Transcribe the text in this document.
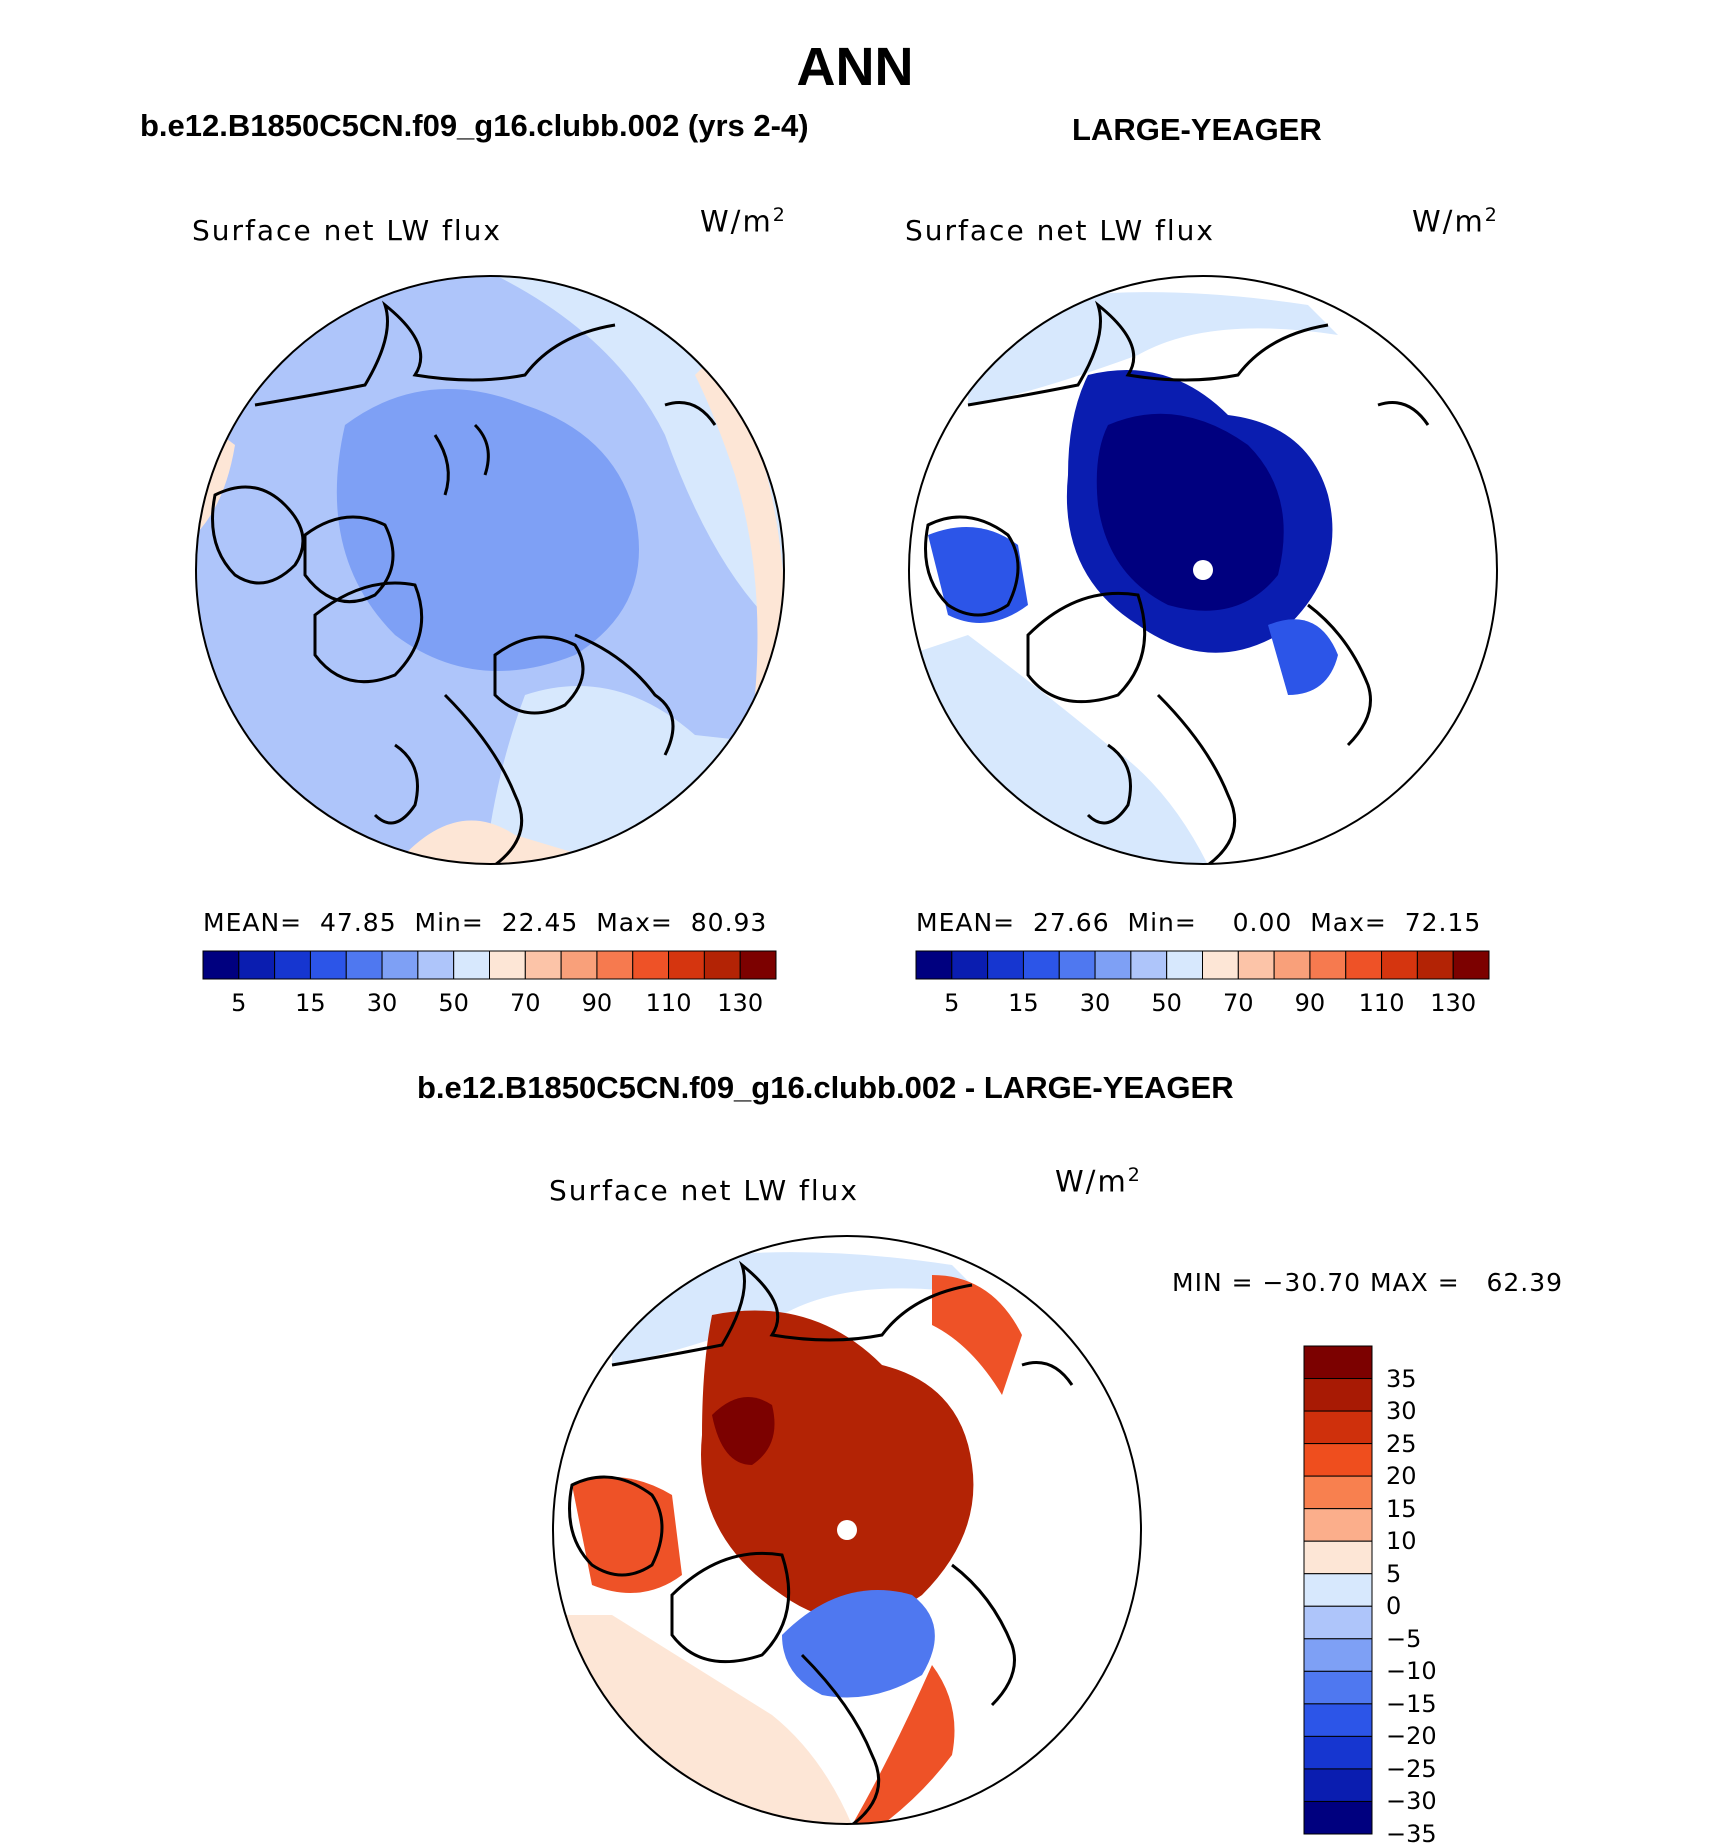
ANN
b.e12.B1850C5CN.f09_g16.clubb.002 (yrs 2-4)
Surface net LW flux	$W/m^2$
MEAN= 47.85 Min= 22.45 Max= 80.93
5 15 30 50 70 90 110 130
LARGE-YEAGER
Surface net LW flux	$W/m^2$
MEAN= 27.66 Min= 0.00 Max= 72.15
5 15 30 50 70 90 110 130
b.e12.B1850C5CN.f09_g16.clubb.002 - LARGE-YEAGER
Surface net LW flux	$W/m^2$
MIN = −30.70 MAX =   62.39
35
30
25
20
15
10
5
0
−5
−10
−15
−20
−25
−30
−35
